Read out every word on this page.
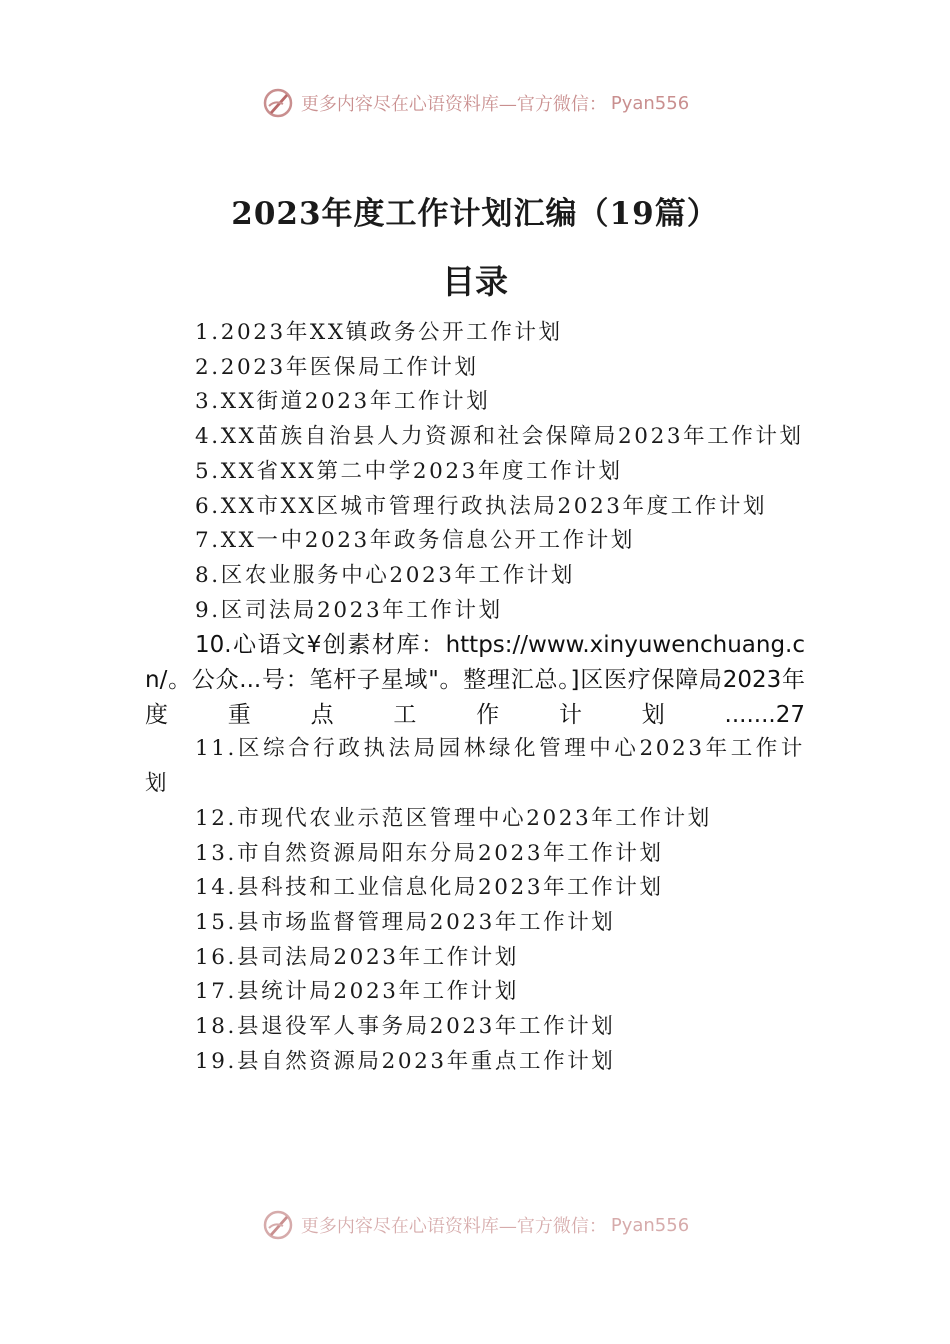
更多内容尽在心语资料库—官方微信： Pyan556
2023年度工作计划汇编（19篇）
目录
1.2023年XX镇政务公开工作计划
2.2023年医保局工作计划
3.XX街道2023年工作计划
4.XX苗族自治县人力资源和社会保障局2023年工作计划
5.XX省XX第二中学2023年度工作计划
6.XX市XX区城市管理行政执法局2023年度工作计划
7.XX一中2023年政务信息公开工作计划
8.区农业服务中心2023年工作计划
9.区司法局2023年工作计划
10.心语文¥创素材库：https://www.xinyuwenchuang.cn/。公众...号：笔杆子星域"。整理汇总。]区医疗保障局2023年度重点工作计划.......27
11.区综合行政执法局园林绿化管理中心2023年工作计划
12.市现代农业示范区管理中心2023年工作计划
13.市自然资源局阳东分局2023年工作计划
14.县科技和工业信息化局2023年工作计划
15.县市场监督管理局2023年工作计划
16.县司法局2023年工作计划
17.县统计局2023年工作计划
18.县退役军人事务局2023年工作计划
19.县自然资源局2023年重点工作计划
更多内容尽在心语资料库—官方微信： Pyan556
